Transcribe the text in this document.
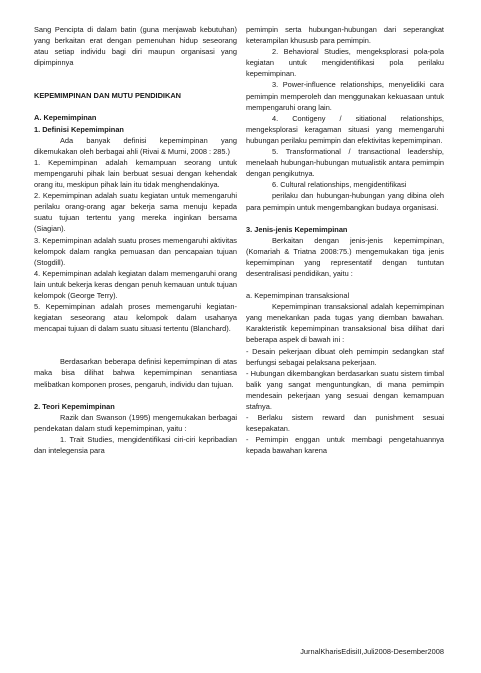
Sang Pencipta di dalam batin (guna menjawab kebutuhan) yang berkaitan erat dengan pemenuhan hidup seseorang atau setiap individu bagi diri maupun organisasi yang dipimpinnya

KEPEMIMPINAN DAN MUTU PENDIDIKAN

A. Kepemimpinan

1. Definisi Kepemimpinan

Ada banyak definisi kepemimpinan yang dikemukakan oleh berbagai ahli (Rivai & Murni, 2008 : 285.)

1. Kepemimpinan adalah kemampuan seorang untuk mempengaruhi pihak lain berbuat sesuai dengan kehendak orang itu, meskipun pihak lain itu tidak menghendakinya.

2. Kepemimpinan adalah suatu kegiatan untuk memengaruhi perilaku orang-orang agar bekerja sama menuju kepada suatu tujuan tertentu yang mereka inginkan bersama (Siagian).

3. Kepemimpinan adalah suatu proses memengaruhi aktivitas kelompok dalam rangka pemuasan dan pencapaian tujuan (Stogdill).

4. Kepemimpinan adalah kegiatan dalam memengaruhi orang lain untuk bekerja keras dengan penuh kemauan untuk tujuan kelompok (George Terry).

5. Kepemimpinan adalah proses memengaruhi kegiatan-kegiatan seseorang atau kelompok dalam usahanya mencapai tujuan di dalam suatu situasi tertentu (Blanchard).

Berdasarkan beberapa definisi kepemimpinan di atas maka bisa dilihat bahwa kepemimpinan senantiasa melibatkan komponen proses, pengaruh, individu dan tujuan.

2. Teori Kepemimpinan

Razik dan Swanson (1995) mengemukakan berbagai pendekatan dalam studi kepemimpinan, yaitu :

1. Trait Studies, mengidentifikasi ciri-ciri kepribadian dan intelegensia para

pemimpin serta hubungan-hubungan dari seperangkat keterampilan khususb para pemimpin.

2. Behavioral Studies, mengeksplorasi pola-pola kegiatan untuk mengidentifikasi pola perilaku kepemimpinan.

3. Power-influence relationships, menyelidiki cara pemimpin memperoleh dan menggunakan kekuasaan untuk mempengaruhi orang lain.

4. Contigeny / sitiational relationships, mengeksplorasi keragaman situasi yang memengaruhi hubungan perilaku pemimpin dan efektivitas kepemimpinan.

5. Transformational / transactional leadership, menelaah hubungan-hubungan mutualistik antara pemimpin dengan pengikutnya.

6. Cultural relationships, mengidentifikasi

perilaku dan hubungan-hubungan yang dibina oleh para pemimpin untuk mengembangkan budaya organisasi.

3. Jenis-jenis Kepemimpinan

Berkaitan dengan jenis-jenis kepemimpinan, (Komariah & Triatna 2008:75.) mengemukakan tiga jenis kepemimpinan yang representatif dengan tuntutan desentralisasi pendidikan, yaitu :

a. Kepemimpinan transaksional

Kepemimpinan transaksional adalah kepemimpinan yang menekankan pada tugas yang diemban bawahan. Karakteristik kepemimpinan transaksional bisa dilihat dari beberapa aspek di bawah ini :

- Desain pekerjaan dibuat oleh pemimpin sedangkan staf berfungsi sebagai pelaksana pekerjaan.

- Hubungan dikembangkan berdasarkan suatu sistem timbal balik yang sangat menguntungkan, di mana pemimpin mendesain pekerjaan yang sesuai dengan kemampuan stafnya.

- Berlaku sistem reward dan punishment sesuai kesepakatan.

- Pemimpin enggan untuk membagi pengetahuannya kepada bawahan karena

JurnalKharisEdisiII,Juli2008-Desember2008
